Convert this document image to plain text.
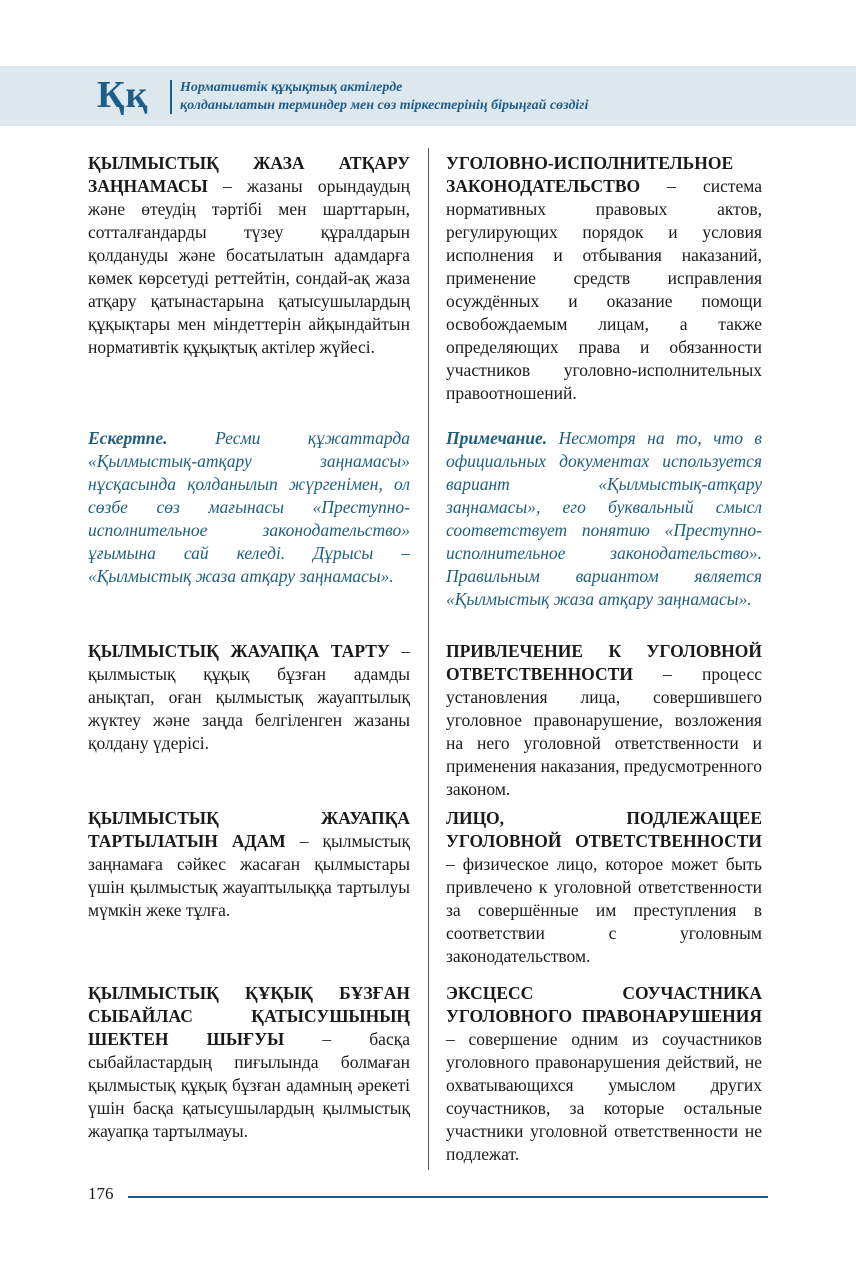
Ққ Нормативтік құқықтық актілерде
қолданылатын терминдер мен сөз тіркестерінің бірыңғай сөздігі
ҚЫЛМЫСТЫҚ ЖАЗА АТҚАРУ ЗАҢНАМАСЫ – жазаны орындаудың және өтеудің тәртібі мен шарттарын, сотталғандарды түзеу құралдарын қолдануды және босатылатын адамдарға көмек көрсетуді реттейтін, сондай-ақ жаза атқару қатынастарына қатысушылардың құқықтары мен міндеттерін айқындайтын нормативтік құқықтық актілер жүйесі.
Ескертпе. Ресми құжаттарда «Қылмыстық-атқару заңнамасы» нұсқасында қолданылып жүргенімен, ол сөзбе сөз мағынасы «Преступно-исполнительное законодательство» ұғымына сай келеді. Дұрысы – «Қылмыстық жаза атқару заңнамасы».
ҚЫЛМЫСТЫҚ ЖАУАПҚА ТАРТУ – қылмыстық құқық бұзған адамды анықтап, оған қылмыстық жауаптылық жүктеу және заңда белгіленген жазаны қолдану үдерісі.
ҚЫЛМЫСТЫҚ ЖАУАПҚА ТАРТЫЛАТЫН АДАМ – қылмыстық заңнамаға сәйкес жасаған қылмыстары үшін қылмыстық жауаптылыққа тартылуы мүмкін жеке тұлға.
ҚЫЛМЫСТЫҚ ҚҰҚЫҚ БҰЗҒАН СЫБАЙЛАС ҚАТЫСУШЫНЫҢ ШЕКТЕН ШЫҒУЫ – басқа сыбайластардың пиғылында болмаған қылмыстық құқық бұзған адамның әрекеті үшін басқа қатысушылардың қылмыстық жауапқа тартылмауы.
УГОЛОВНО-ИСПОЛНИТЕЛЬНОЕ ЗАКОНОДАТЕЛЬСТВО – система нормативных правовых актов, регулирующих порядок и условия исполнения и отбывания наказаний, применение средств исправления осуждённых и оказание помощи освобождаемым лицам, а также определяющих права и обязанности участников уголовно-исполнительных правоотношений.
Примечание. Несмотря на то, что в официальных документах используется вариант «Қылмыстық-атқару заңнамасы», его буквальный смысл соответствует понятию «Преступно-исполнительное законодательство». Правильным вариантом является «Қылмыстық жаза атқару заңнамасы».
ПРИВЛЕЧЕНИЕ К УГОЛОВНОЙ ОТВЕТСТВЕННОСТИ – процесс установления лица, совершившего уголовное правонарушение, возложения на него уголовной ответственности и применения наказания, предусмотренного законом.
ЛИЦО, ПОДЛЕЖАЩЕЕ УГОЛОВНОЙ ОТВЕТСТВЕННОСТИ – физическое лицо, которое может быть привлечено к уголовной ответственности за совершённые им преступления в соответствии с уголовным законодательством.
ЭКСЦЕСС СОУЧАСТНИКА УГОЛОВНОГО ПРАВОНАРУШЕНИЯ – совершение одним из соучастников уголовного правонарушения действий, не охватывающихся умыслом других соучастников, за которые остальные участники уголовной ответственности не подлежат.
176
